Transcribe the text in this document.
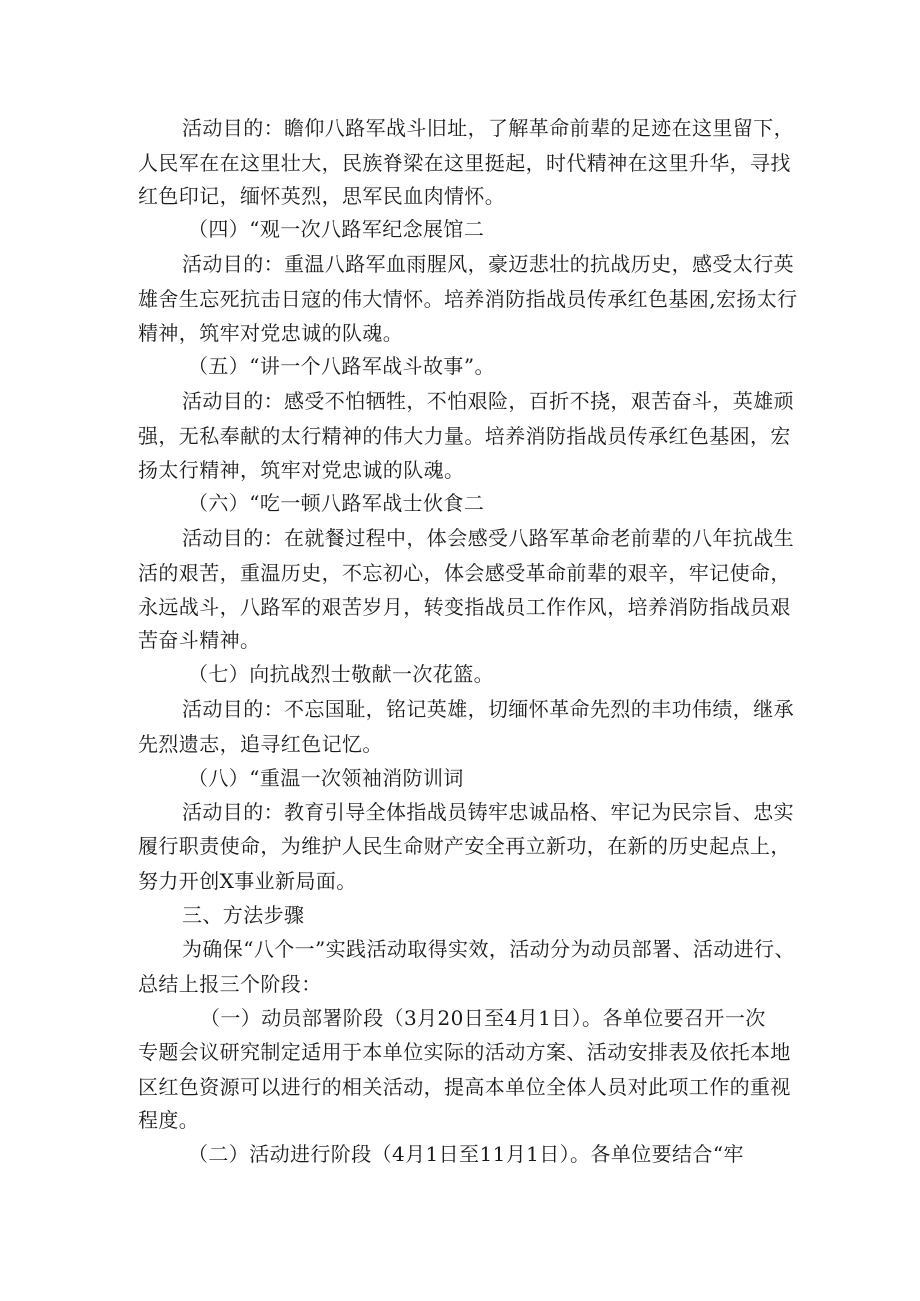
活动目的：瞻仰八路军战斗旧址，了解革命前辈的足迹在这里留下，
人民军在在这里壮大，民族脊梁在这里挺起，时代精神在这里升华，寻找
红色印记，缅怀英烈，思军民血肉情怀。
（四）“观一次八路军纪念展馆二
活动目的：重温八路军血雨腥风，豪迈悲壮的抗战历史，感受太行英
雄舍生忘死抗击日寇的伟大情怀。培养消防指战员传承红色基困,宏扬太行
精神，筑牢对党忠诚的队魂。
（五）“讲一个八路军战斗故事”。
活动目的：感受不怕牺牲，不怕艰险，百折不挠，艰苦奋斗，英雄顽
强，无私奉献的太行精神的伟大力量。培养消防指战员传承红色基困，宏
扬太行精神，筑牢对党忠诚的队魂。
（六）“吃一顿八路军战士伙食二
活动目的：在就餐过程中，体会感受八路军革命老前辈的八年抗战生
活的艰苦，重温历史，不忘初心，体会感受革命前辈的艰辛，牢记使命，
永远战斗，八路军的艰苦岁月，转变指战员工作作风，培养消防指战员艰
苦奋斗精神。
（七）向抗战烈士敬献一次花篮。
活动目的：不忘国耻，铭记英雄，切缅怀革命先烈的丰功伟绩，继承
先烈遗志，追寻红色记忆。
（八）“重温一次领袖消防训词
活动目的：教育引导全体指战员铸牢忠诚品格、牢记为民宗旨、忠实
履行职责使命，为维护人民生命财产安全再立新功，在新的历史起点上，
努力开创X事业新局面。
三、方法步骤
为确保“八个一”实践活动取得实效，活动分为动员部署、活动进行、
总结上报三个阶段：
（一）动员部署阶段（3月20日至4月1日）。各单位要召开一次
专题会议研究制定适用于本单位实际的活动方案、活动安排表及依托本地
区红色资源可以进行的相关活动，提高本单位全体人员对此项工作的重视
程度。
（二）活动进行阶段（4月1日至11月1日）。各单位要结合“牢
